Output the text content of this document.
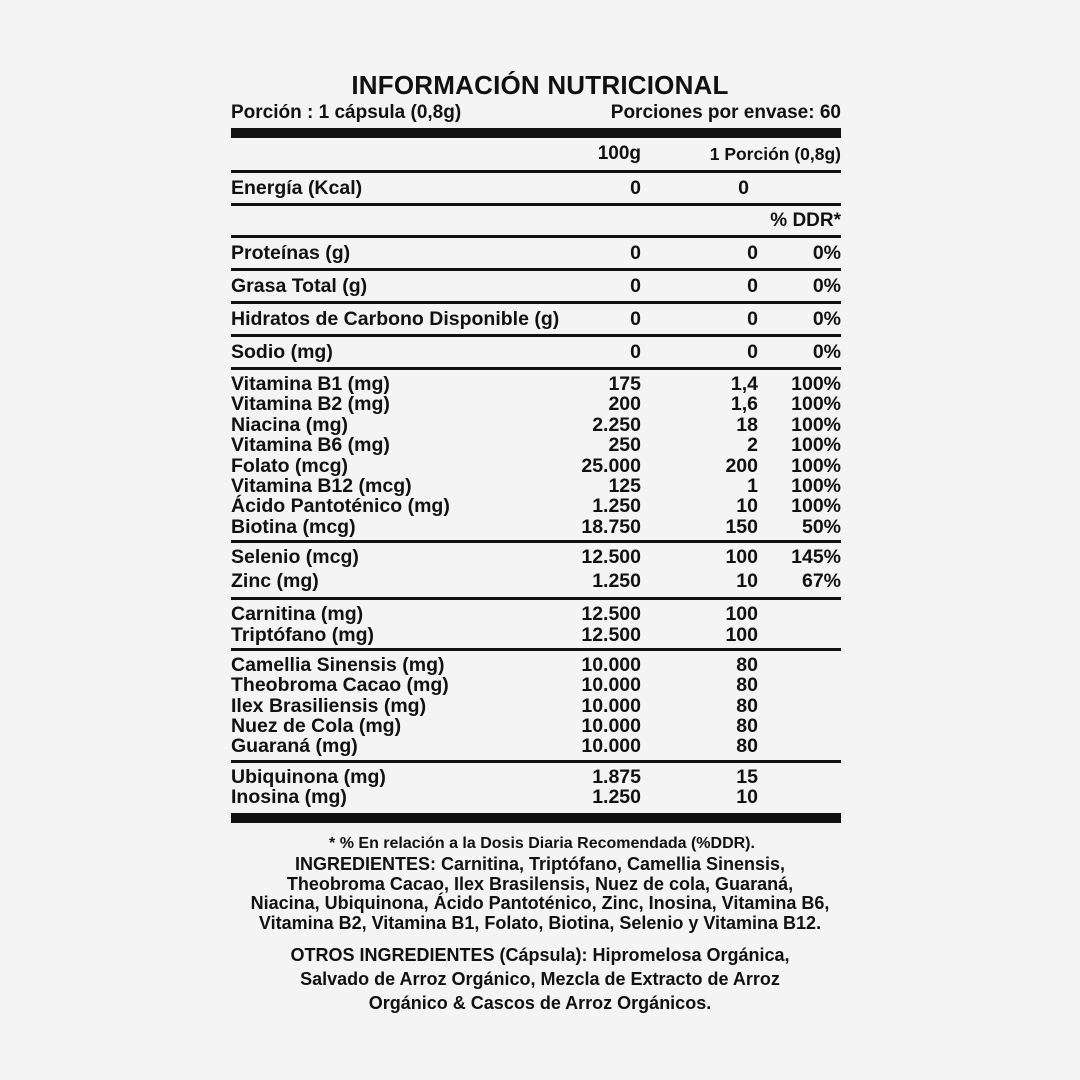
INFORMACIÓN NUTRICIONAL
Porción : 1 cápsula (0,8g)	Porciones por envase: 60
100g	1 Porción (0,8g)
Energía (Kcal)	0	0
% DDR*
Proteínas (g)	0	0	0%
Grasa Total (g)	0	0	0%
Hidratos de Carbono Disponible (g)	0	0	0%
Sodio (mg)	0	0	0%
Vitamina B1 (mg)	175	1,4	100%
Vitamina B2 (mg)	200	1,6	100%
Niacina (mg)	2.250	18	100%
Vitamina B6 (mg)	250	2	100%
Folato (mcg)	25.000	200	100%
Vitamina B12 (mcg)	125	1	100%
Ácido Pantoténico (mg)	1.250	10	100%
Biotina (mcg)	18.750	150	50%
Selenio (mcg)	12.500	100	145%
Zinc (mg)	1.250	10	67%
Carnitina (mg)	12.500	100
Triptófano (mg)	12.500	100
Camellia Sinensis (mg)	10.000	80
Theobroma Cacao (mg)	10.000	80
Ilex Brasiliensis (mg)	10.000	80
Nuez de Cola (mg)	10.000	80
Guaraná (mg)	10.000	80
Ubiquinona (mg)	1.875	15
Inosina (mg)	1.250	10
* % En relación a la Dosis Diaria Recomendada (%DDR).

INGREDIENTES: Carnitina, Triptófano, Camellia Sinensis,

Theobroma Cacao, Ilex Brasilensis, Nuez de cola, Guaraná,

Niacina, Ubiquinona, Ácido Pantoténico, Zinc, Inosina, Vitamina B6,

Vitamina B2, Vitamina B1, Folato, Biotina, Selenio y Vitamina B12.

OTROS INGREDIENTES (Cápsula): Hipromelosa Orgánica,

Salvado de Arroz Orgánico, Mezcla de Extracto de Arroz

Orgánico & Cascos de Arroz Orgánicos.
